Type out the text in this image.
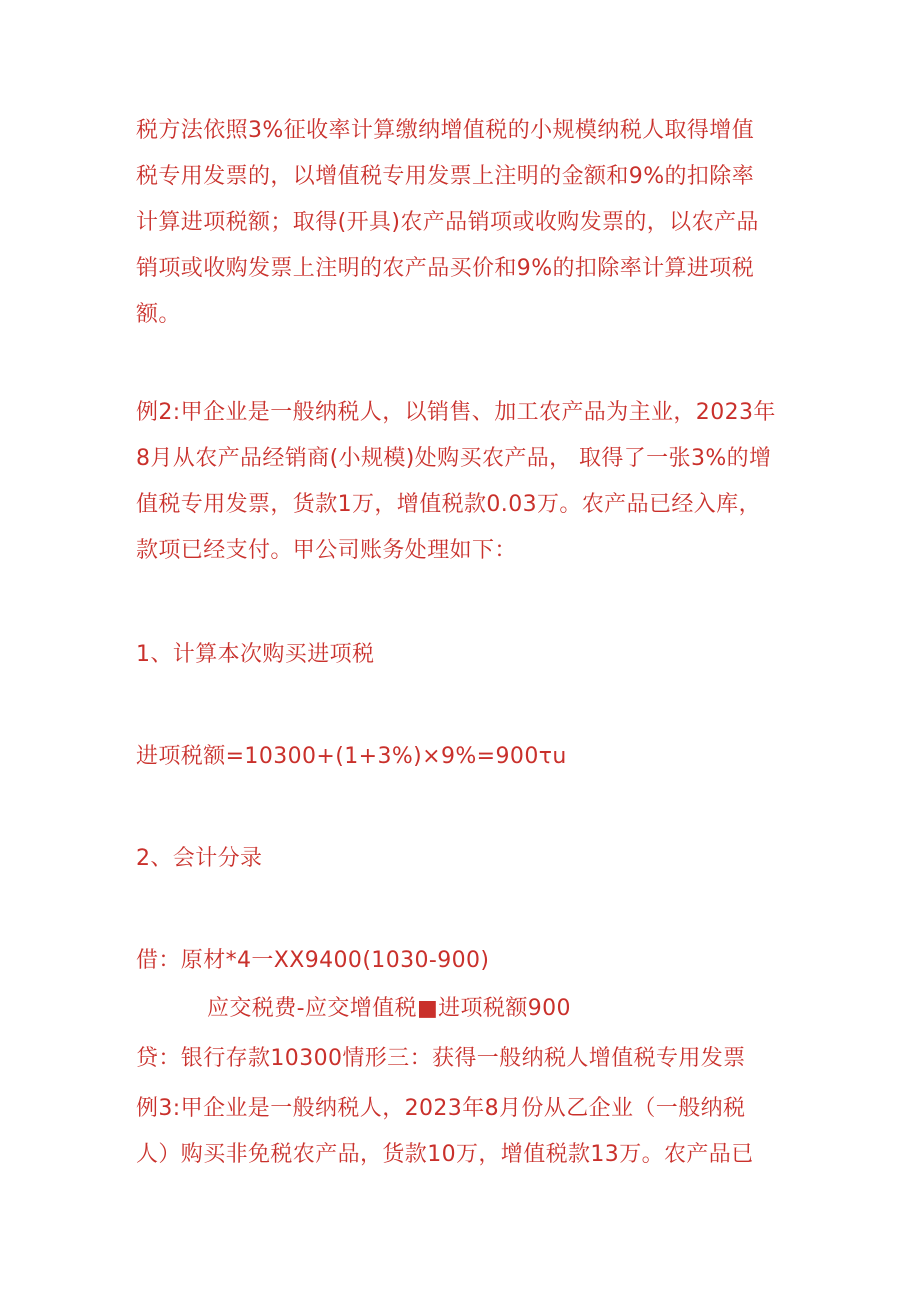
税方法依照3%征收率计算缴纳增值税的小规模纳税人取得增值
税专用发票的，以增值税专用发票上注明的金额和9%的扣除率
计算进项税额；取得(开具)农产品销项或收购发票的，以农产品
销项或收购发票上注明的农产品买价和9%的扣除率计算进项税
额。

例2:甲企业是一般纳税人，以销售、加工农产品为主业，2023年
8月从农产品经销商(小规模)处购买农产品， 取得了一张3%的增
值税专用发票，货款1万，增值税款0.03万。农产品已经入库，
款项已经支付。甲公司账务处理如下：

1、计算本次购买进项税

进项税额=10300+(1+3%)×9%=900τu

2、会计分录

借：原材*4一XX9400(1030-900)

应交税费-应交增值税■进项税额900

贷：银行存款10300情形三：获得一般纳税人增值税专用发票

例3:甲企业是一般纳税人，2023年8月份从乙企业（一般纳税
人）购买非免税农产品，货款10万，增值税款13万。农产品已
